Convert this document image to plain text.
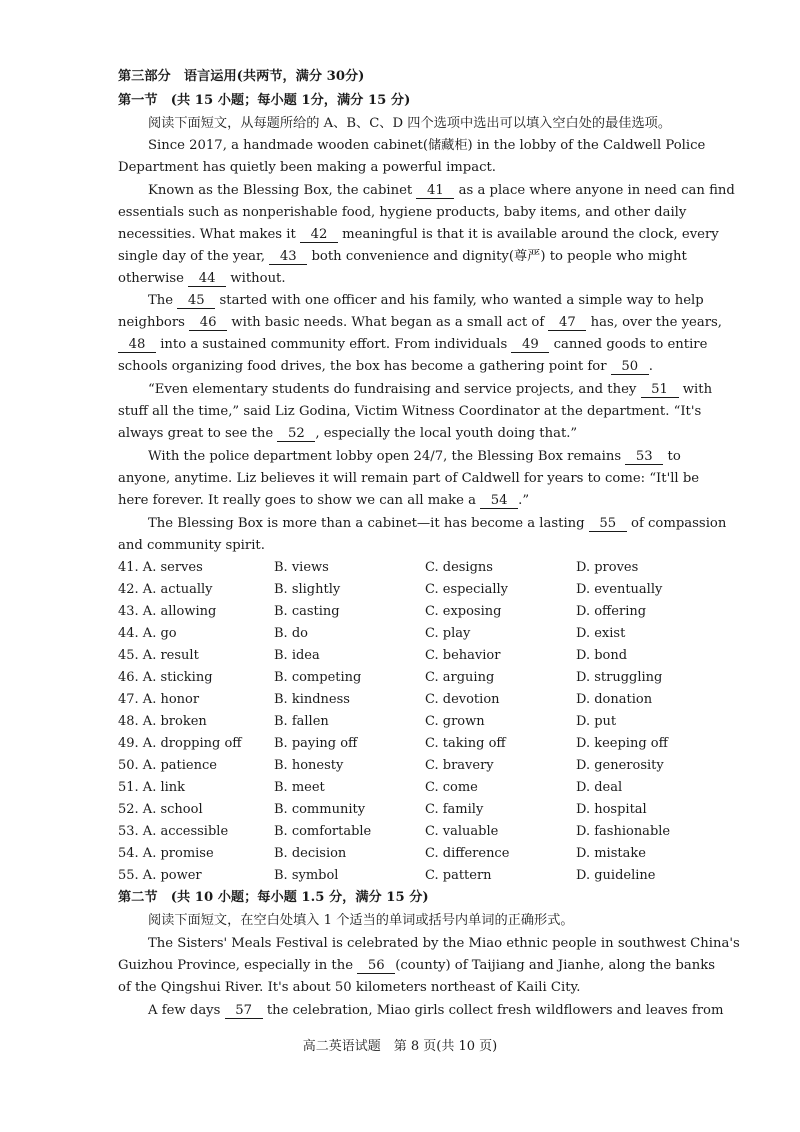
第三部分　语言运用(共两节，满分 30分)
第一节　(共 15 小题；每小题 1分，满分 15 分)
阅读下面短文，从每题所给的 A、B、C、D 四个选项中选出可以填入空白处的最佳选项。
Since 2017, a handmade wooden cabinet(储藏柜) in the lobby of the Caldwell Police
Department has quietly been making a powerful impact.
Known as the Blessing Box, the cabinet 41 as a place where anyone in need can find
essentials such as nonperishable food, hygiene products, baby items, and other daily
necessities. What makes it 42 meaningful is that it is available around the clock, every
single day of the year, 43 both convenience and dignity(尊严) to people who might
otherwise 44 without.
The 45 started with one officer and his family, who wanted a simple way to help
neighbors 46 with basic needs. What began as a small act of 47 has, over the years,
48 into a sustained community effort. From individuals 49 canned goods to entire
schools organizing food drives, the box has become a gathering point for 50 .
“Even elementary students do fundraising and service projects, and they 51 with
stuff all the time,” said Liz Godina, Victim Witness Coordinator at the department. “It's
always great to see the 52 , especially the local youth doing that.”
With the police department lobby open 24/7, the Blessing Box remains 53 to
anyone, anytime. Liz believes it will remain part of Caldwell for years to come: “It'll be
here forever. It really goes to show we can all make a 54 .”
The Blessing Box is more than a cabinet—it has become a lasting 55 of compassion
and community spirit.
41. A. serves	B. views	C. designs	D. proves
42. A. actually	B. slightly	C. especially	D. eventually
43. A. allowing	B. casting	C. exposing	D. offering
44. A. go	B. do	C. play	D. exist
45. A. result	B. idea	C. behavior	D. bond
46. A. sticking	B. competing	C. arguing	D. struggling
47. A. honor	B. kindness	C. devotion	D. donation
48. A. broken	B. fallen	C. grown	D. put
49. A. dropping off B. paying off	C. taking off	D. keeping off
50. A. patience	B. honesty	C. bravery	D. generosity
51. A. link	B. meet	C. come	D. deal
52. A. school	B. community	C. family	D. hospital
53. A. accessible	B. comfortable	C. valuable	D. fashionable
54. A. promise	B. decision	C. difference	D. mistake
55. A. power	B. symbol	C. pattern	D. guideline
第二节　(共 10 小题；每小题 1.5 分，满分 15 分)
阅读下面短文，在空白处填入 1 个适当的单词或括号内单词的正确形式。
The Sisters' Meals Festival is celebrated by the Miao ethnic people in southwest China's
Guizhou Province, especially in the 56 (county) of Taijiang and Jianhe, along the banks
of the Qingshui River. It's about 50 kilometers northeast of Kaili City.
A few days 57 the celebration, Miao girls collect fresh wildflowers and leaves from
高二英语试题　第 8 页(共 10 页)
